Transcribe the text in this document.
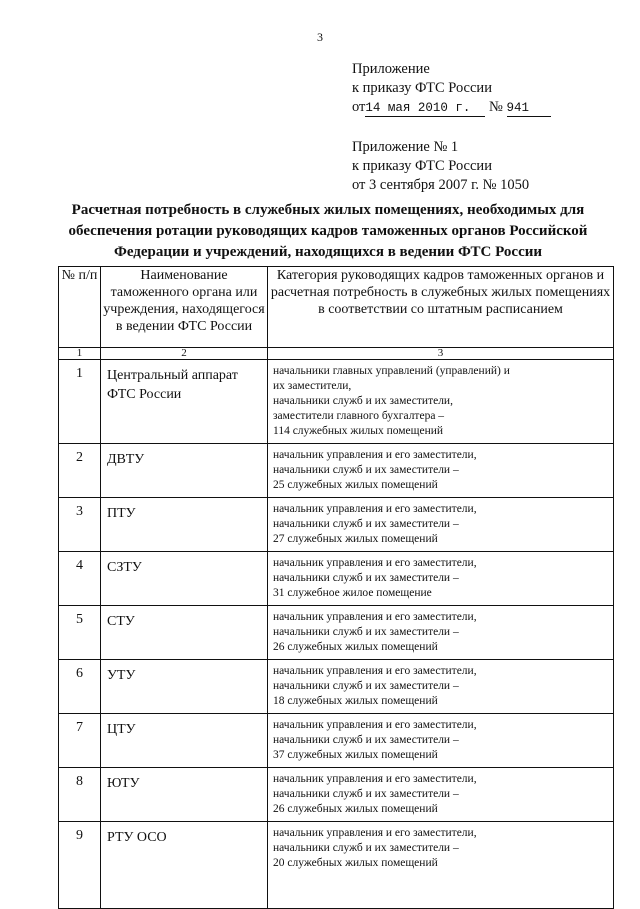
3
Приложение
к приказу ФТС России
от14 мая 2010 г. № 941
Приложение № 1
к приказу ФТС России
от 3 сентября 2007 г. № 1050
Расчетная потребность в служебных жилых помещениях, необходимых для обеспечения ротации руководящих кадров таможенных органов Российской Федерации и учреждений, находящихся в ведении ФТС России
№ п/п	Наименование таможенного органа или учреждения, находящегося в ведении ФТС России	Категория руководящих кадров таможенных органов и расчетная потребность в служебных жилых помещениях в соответствии со штатным расписанием
1	2	3
1	Центральный аппарат ФТС России	начальники главных управлений (управлений) и
их заместители,
начальники служб и их заместители,
заместители главного бухгалтера –
114 служебных жилых помещений

2	ДВТУ	начальник управления и его заместители,
начальники служб и их заместители –
25 служебных жилых помещений

3	ПТУ	начальник управления и его заместители,
начальники служб и их заместители –
27 служебных жилых помещений

4	СЗТУ	начальник управления и его заместители,
начальники служб и их заместители –
31 служебное жилое помещение

5	СТУ	начальник управления и его заместители,
начальники служб и их заместители –
26 служебных жилых помещений

6	УТУ	начальник управления и его заместители,
начальники служб и их заместители –
18 служебных жилых помещений

7	ЦТУ	начальник управления и его заместители,
начальники служб и их заместители –
37 служебных жилых помещений

8	ЮТУ	начальник управления и его заместители,
начальники служб и их заместители –
26 служебных жилых помещений

9	РТУ ОСО	начальник управления и его заместители,
начальники служб и их заместители –
20 служебных жилых помещений
